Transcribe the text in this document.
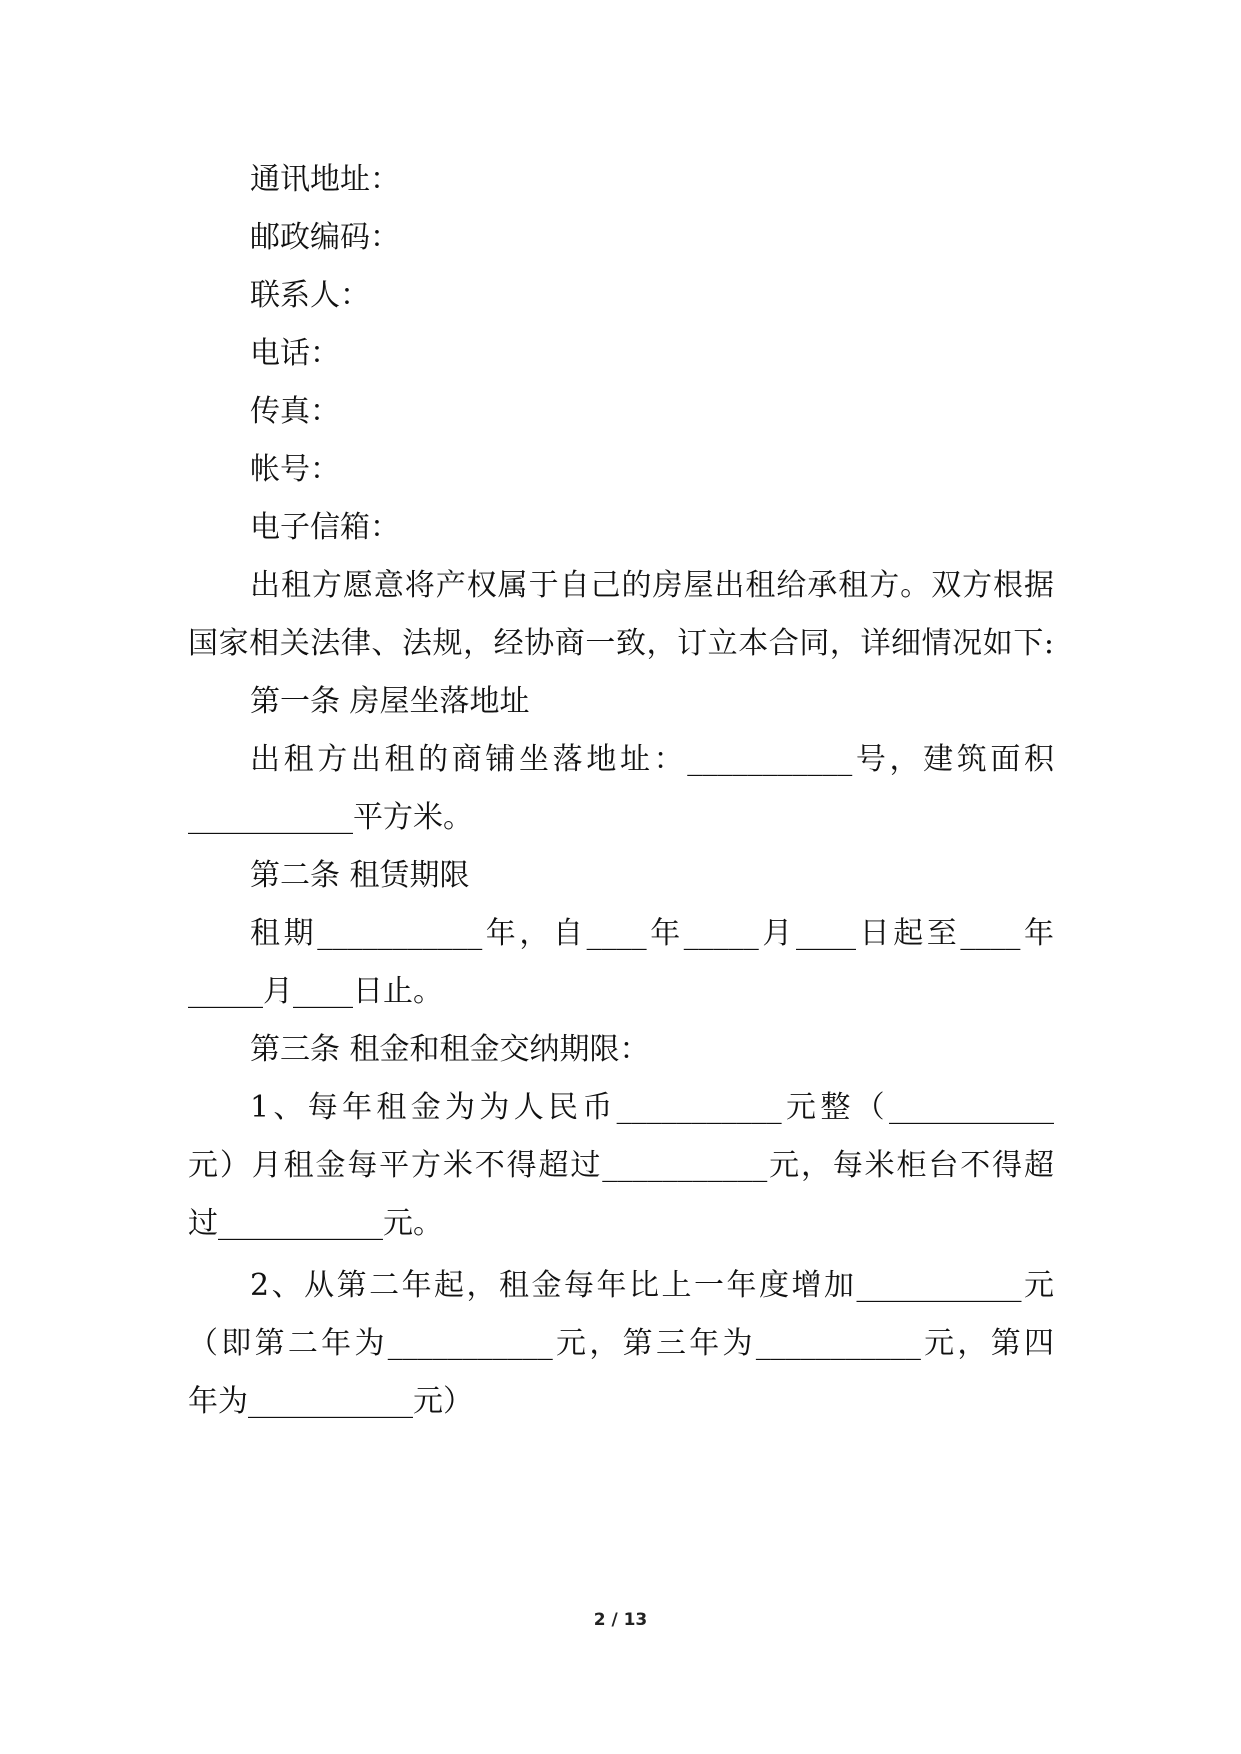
通讯地址：
邮政编码：
联系人：
电话：
传真：
帐号：
电子信箱：
出租方愿意将产权属于自己的房屋出租给承租方。双方根据
国家相关法律、法规，经协商一致，订立本合同，详细情况如下:
第一条 房屋坐落地址
出租方出租的商铺坐落地址：___________号，建筑面积
___________平方米。
第二条 租赁期限
租期___________年，自____年_____月____日起至____年
_____月____日止。
第三条 租金和租金交纳期限：
1、每年租金为为人民币___________元整（___________
元）月租金每平方米不得超过___________元，每米柜台不得超
过___________元。
2、从第二年起，租金每年比上一年度增加___________元
（即第二年为___________元，第三年为___________元，第四
年为___________元）
2 / 13
